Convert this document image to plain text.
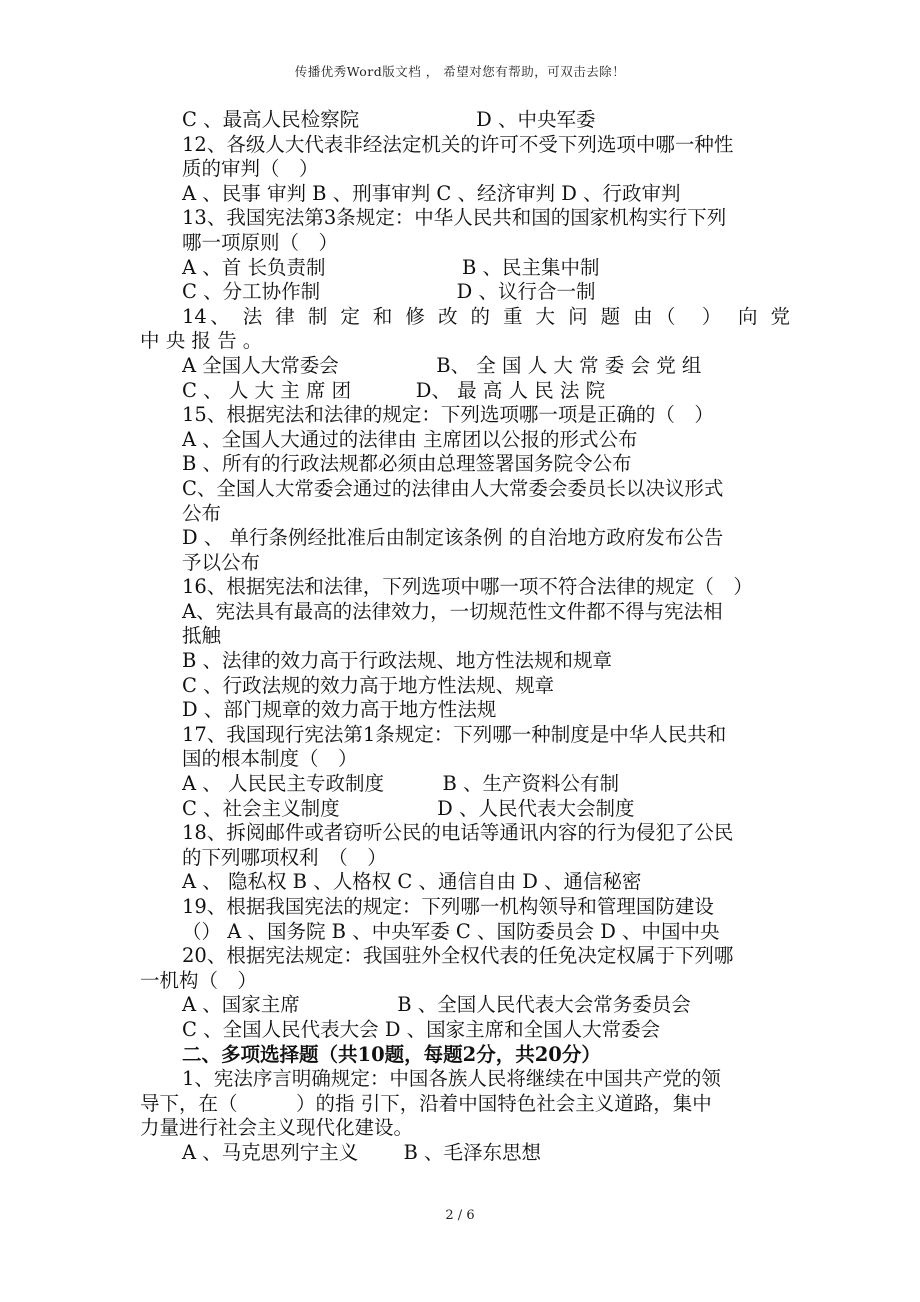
传播优秀Word版文档 ， 希望对您有帮助，可双击去除！
C 、最高人民检察院　　　　　　D 、中央军委
12、各级人大代表非经法定机关的许可不受下列选项中哪一种性
质的审判（　）
A 、民事 审判 B 、刑事审判 C 、经济审判 D 、行政审判
13、我国宪法第3条规定：中华人民共和国的国家机构实行下列
哪一项原则（　）
A 、首 长负责制　　　　　　　B 、民主集中制
C 、分工协作制　　　　　　　D 、议行合一制
14、 法 律 制 定 和 修 改 的 重 大 问 题 由（　）　向 党
中 央 报 告 。
A 全国人大常委会　　　　　B、 全 国 人 大 常 委 会 党 组
C 、 人 大 主 席 团 　　　D、 最 高 人 民 法 院
15、根据宪法和法律的规定：下列选项哪一项是正确的（　）
A 、全国人大通过的法律由 主席团以公报的形式公布
B 、所有的行政法规都必须由总理签署国务院令公布
C、全国人大常委会通过的法律由人大常委会委员长以决议形式
公布
D 、 单行条例经批准后由制定该条例 的自治地方政府发布公告
予以公布
16、根据宪法和法律，下列选项中哪一项不符合法律的规定（　）
A、宪法具有最高的法律效力，一切规范性文件都不得与宪法相
抵触
B 、法律的效力高于行政法规、地方性法规和规章
C 、行政法规的效力高于地方性法规、规章
D 、部门规章的效力高于地方性法规
17、我国现行宪法第1条规定：下列哪一种制度是中华人民共和
国的根本制度（　）
A 、 人民民主专政制度　　　B 、生产资料公有制
C 、社会主义制度　　　　　D 、人民代表大会制度
18、拆阅邮件或者窃听公民的电话等通讯内容的行为侵犯了公民
的下列哪项权利　（　）
A 、 隐私权 B 、人格权 C 、通信自由 D 、通信秘密
19、根据我国宪法的规定：下列哪一机构领导和管理国防建设
（） A 、国务院 B 、中央军委 C 、国防委员会 D 、中国中央
20、根据宪法规定：我国驻外全权代表的任免决定权属于下列哪
一机构（　）
A 、国家主席　　　　　B 、全国人民代表大会常务委员会
C 、全国人民代表大会 D 、国家主席和全国人大常委会
二、多项选择题（共10题，每题2分，共20分）
1、宪法序言明确规定：中国各族人民将继续在中国共产党的领
导下，在（　　　）的指 引下，沿着中国特色社会主义道路，集中
力量进行社会主义现代化建设。
A 、马克思列宁主义　　 B 、毛泽东思想
2 / 6
